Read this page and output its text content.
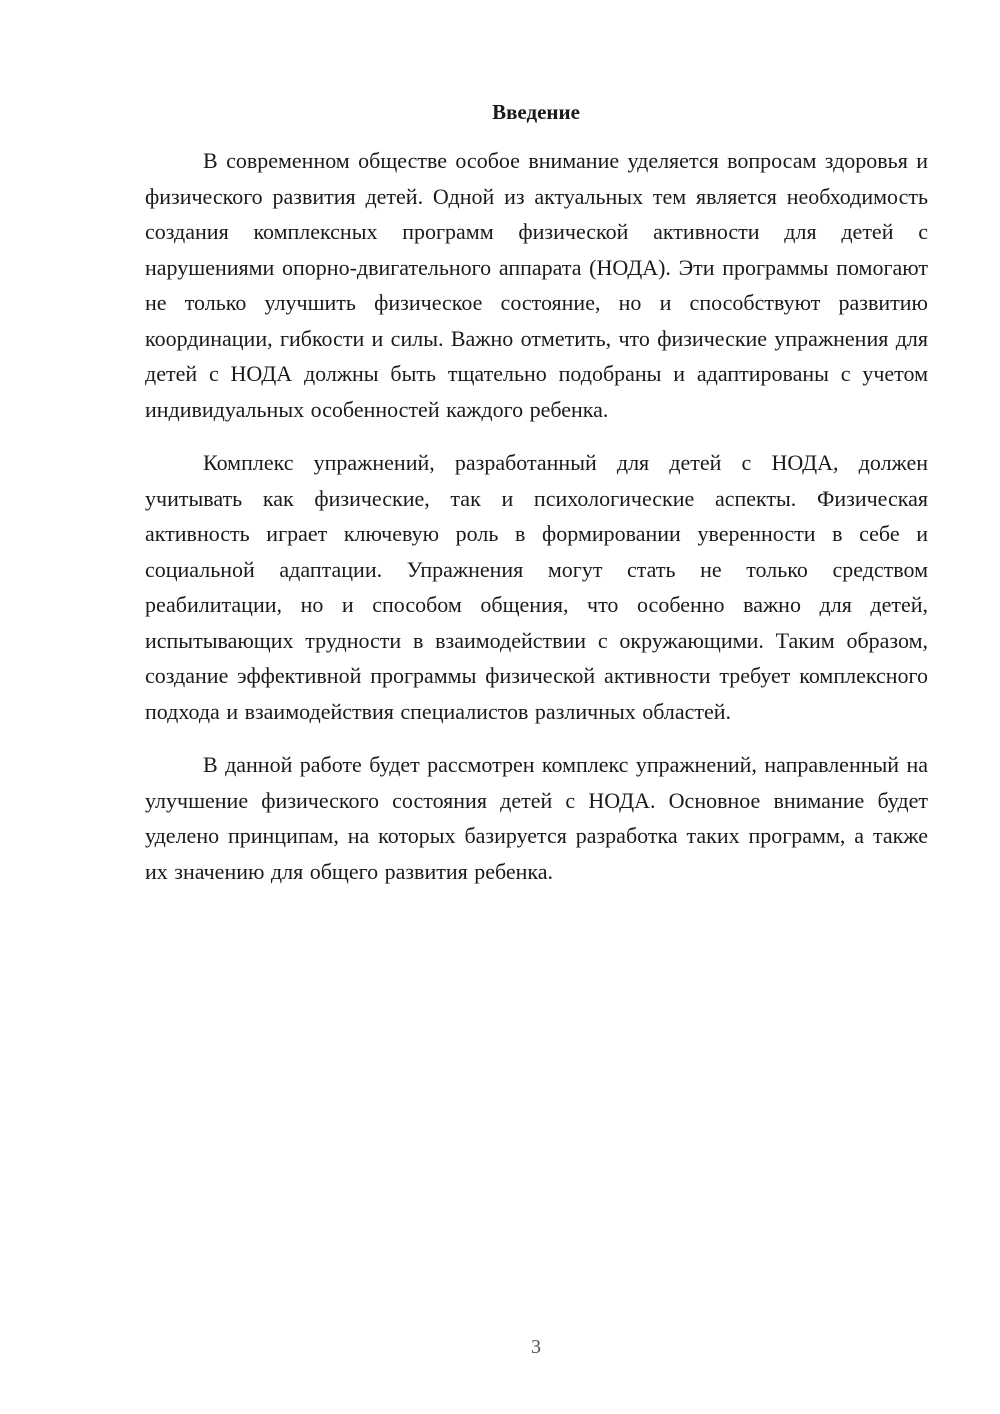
Введение

В современном обществе особое внимание уделяется вопросам здоровья и физического развития детей. Одной из актуальных тем является необходимость создания комплексных программ физической активности для детей с нарушениями опорно-двигательного аппарата (НОДА). Эти программы помогают не только улучшить физическое состояние, но и способствуют развитию координации, гибкости и силы. Важно отметить, что физические упражнения для детей с НОДА должны быть тщательно подобраны и адаптированы с учетом индивидуальных особенностей каждого ребенка.

Комплекс упражнений, разработанный для детей с НОДА, должен учитывать как физические, так и психологические аспекты. Физическая активность играет ключевую роль в формировании уверенности в себе и социальной адаптации. Упражнения могут стать не только средством реабилитации, но и способом общения, что особенно важно для детей, испытывающих трудности в взаимодействии с окружающими. Таким образом, создание эффективной программы физической активности требует комплексного подхода и взаимодействия специалистов различных областей.

В данной работе будет рассмотрен комплекс упражнений, направленный на улучшение физического состояния детей с НОДА. Основное внимание будет уделено принципам, на которых базируется разработка таких программ, а также их значению для общего развития ребенка.

3
